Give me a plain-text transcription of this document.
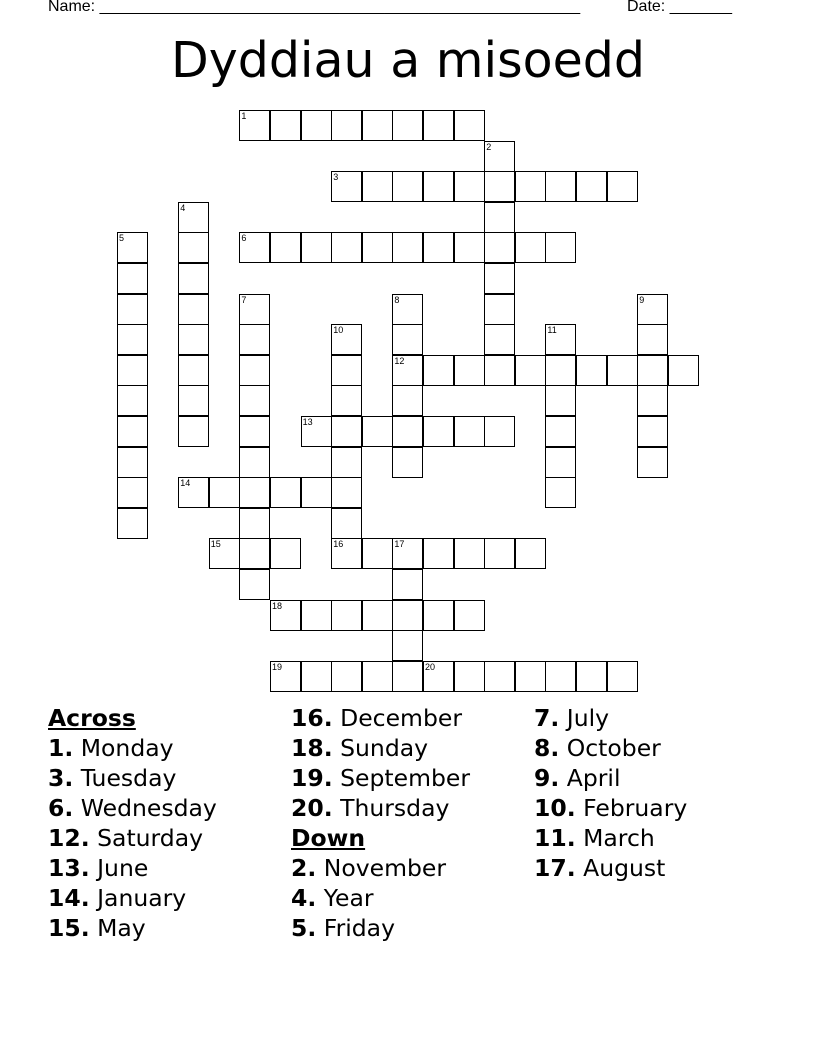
Name: ______________________________________________________	Date: _______
Dyddiau a misoedd
1
2
3
4
5	6
7	8
12
9
10
16
11
13
14
15	17
18
19	20
Across
1. Monday
3. Tuesday
6. Wednesday
12. Saturday
13. June
14. January
15. May
16. December
18. Sunday
19. September
20. Thursday
Down
2. November
4. Year
5. Friday
7. July
8. October
9. April
10. February
11. March
17. August
